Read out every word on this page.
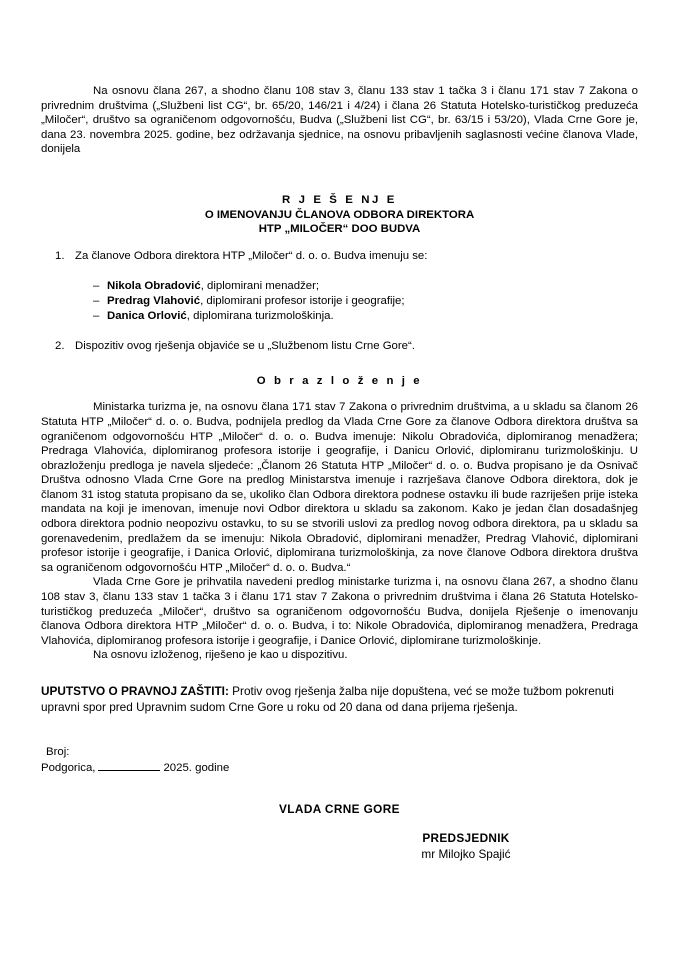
Na osnovu člana 267, a shodno članu 108 stav 3, članu 133 stav 1 tačka 3 i članu 171 stav 7 Zakona o privrednim društvima („Službeni list CG“, br. 65/20, 146/21 i 4/24) i člana 26 Statuta Hotelsko-turističkog preduzeća „Miločer“, društvo sa ograničenom odgovornošću, Budva („Službeni list CG“, br. 63/15 i 53/20), Vlada Crne Gore je, dana 23. novembra 2025. godine, bez održavanja sjednice, na osnovu pribavljenih saglasnosti većine članova Vlade, donijela

R J E Š E NJ E
O IMENOVANJU ČLANOVA ODBORA DIREKTORA
HTP „MILOČER“ DOO BUDVA
1. Za članove Odbora direktora HTP „Miločer“ d. o. o. Budva imenuju se:
– Nikola Obradović, diplomirani menadžer;
– Predrag Vlahović, diplomirani profesor istorije i geografije;
– Danica Orlović, diplomirana turizmološkinja.
2. Dispozitiv ovog rješenja objaviće se u „Službenom listu Crne Gore“.
O b r a z l o ž e n j e

Ministarka turizma je, na osnovu člana 171 stav 7 Zakona o privrednim društvima, a u skladu sa članom 26 Statuta HTP „Miločer“ d. o. o. Budva, podnijela predlog da Vlada Crne Gore za članove Odbora direktora društva sa ograničenom odgovornošću HTP „Miločer“ d. o. o. Budva imenuje: Nikolu Obradovića, diplomiranog menadžera; Predraga Vlahovića, diplomiranog profesora istorije i geografije, i Danicu Orlović, diplomiranu turizmološkinju. U obrazloženju predloga je navela sljedeće: „Članom 26 Statuta HTP „Miločer“ d. o. o. Budva propisano je da Osnivač Društva odnosno Vlada Crne Gore na predlog Ministarstva imenuje i razrješava članove Odbora direktora, dok je članom 31 istog statuta propisano da se, ukoliko član Odbora direktora podnese ostavku ili bude razriješen prije isteka mandata na koji je imenovan, imenuje novi Odbor direktora u skladu sa zakonom. Kako je jedan član dosadašnjeg odbora direktora podnio neopozivu ostavku, to su se stvorili uslovi za predlog novog odbora direktora, pa u skladu sa gorenavedenim, predlažem da se imenuju: Nikola Obradović, diplomirani menadžer, Predrag Vlahović, diplomirani profesor istorije i geografije, i Danica Orlović, diplomirana turizmološkinja, za nove članove Odbora direktora društva sa ograničenom odgovornošću HTP „Miločer“ d. o. o. Budva.“

Vlada Crne Gore je prihvatila navedeni predlog ministarke turizma i, na osnovu člana 267, a shodno članu 108 stav 3, članu 133 stav 1 tačka 3 i članu 171 stav 7 Zakona o privrednim društvima i člana 26 Statuta Hotelsko-turističkog preduzeća „Miločer“, društvo sa ograničenom odgovornošću Budva, donijela Rješenje o imenovanju članova Odbora direktora HTP „Miločer“ d. o. o. Budva, i to: Nikole Obradovića, diplomiranog menadžera, Predraga Vlahovića, diplomiranog profesora istorije i geografije, i Danice Orlović, diplomirane turizmološkinje.

Na osnovu izloženog, riješeno je kao u dispozitivu.

UPUTSTVO O PRAVNOJ ZAŠTITI: Protiv ovog rješenja žalba nije dopuštena, već se može tužbom pokrenuti upravni spor pred Upravnim sudom Crne Gore u roku od 20 dana od dana prijema rješenja.

Broj:
Podgorica,	2025. godine
VLADA CRNE GORE
PREDSJEDNIK
mr Milojko Spajić
